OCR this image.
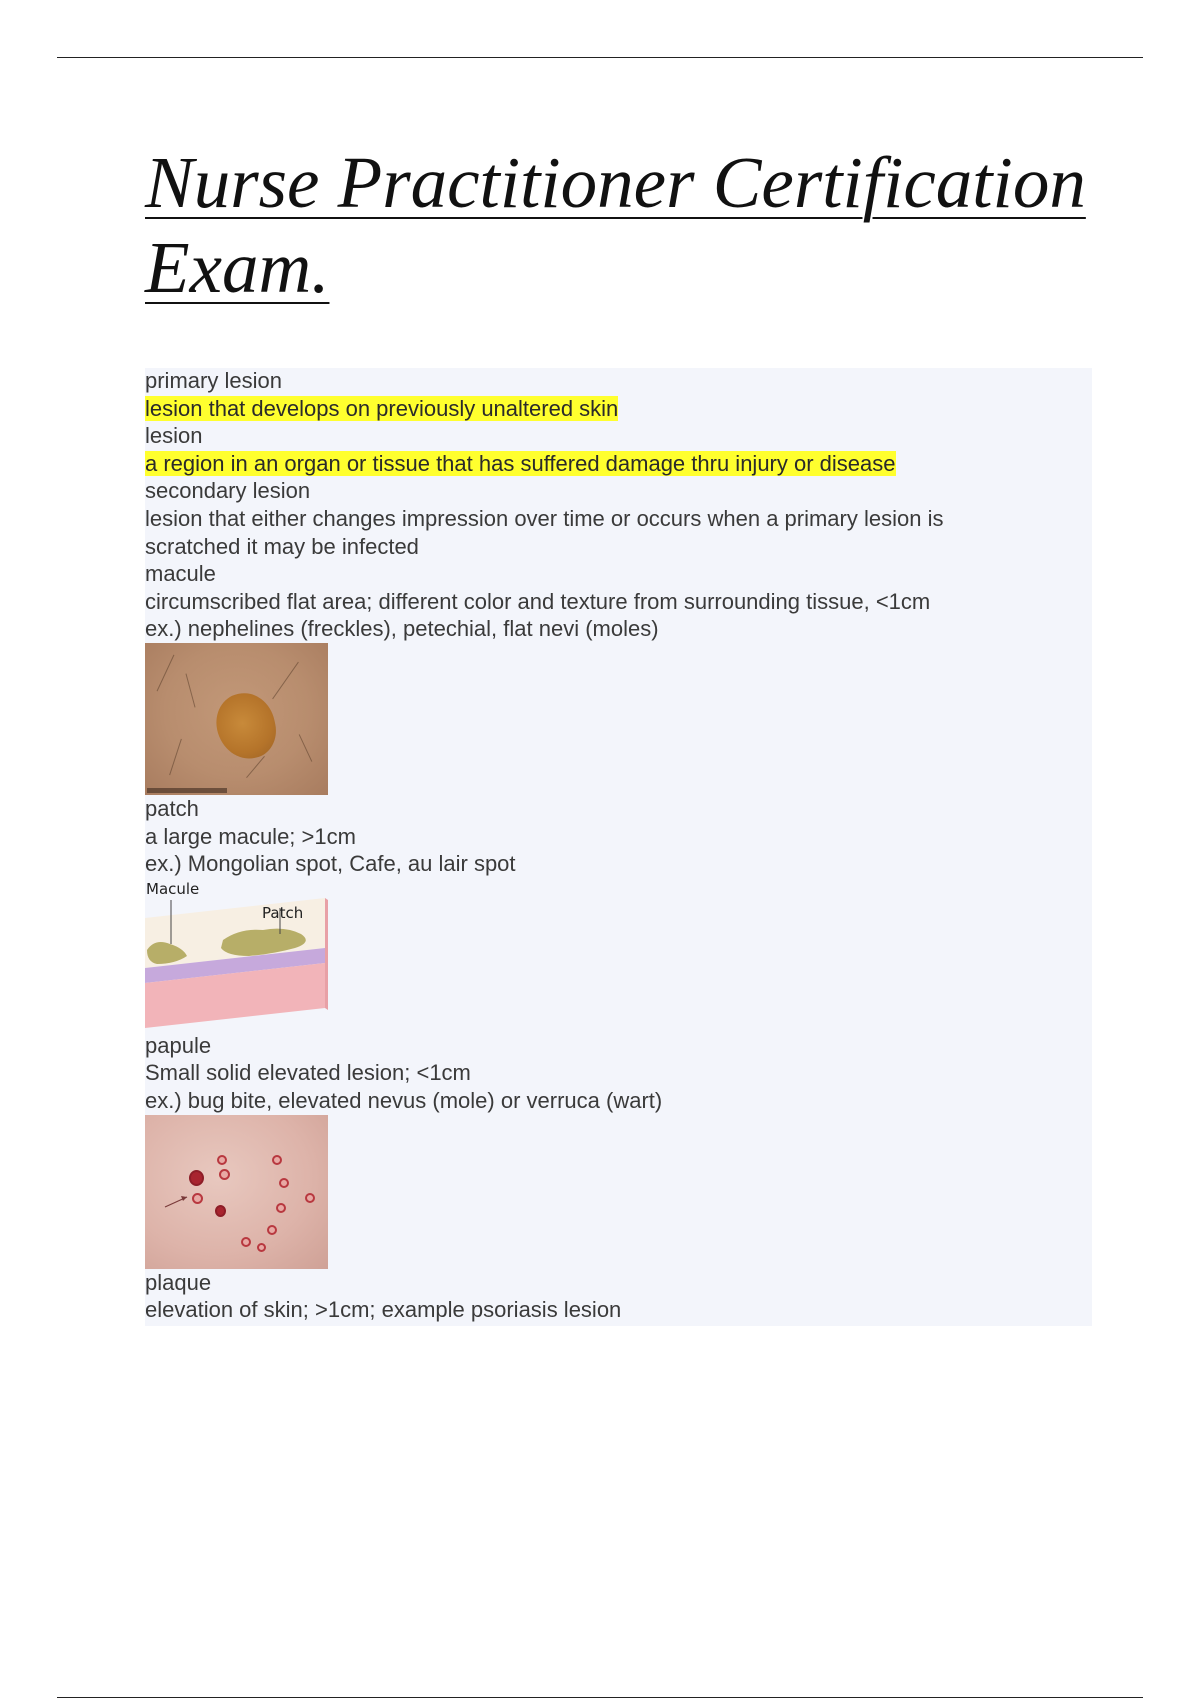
Nurse Practitioner Certification
Exam.
primary lesion
lesion that develops on previously unaltered skin
lesion
a region in an organ or tissue that has suffered damage thru injury or disease
secondary lesion
lesion that either changes impression over time or occurs when a primary lesion is scratched it may be infected
macule
circumscribed flat area; different color and texture from surrounding tissue, <1cm
ex.) nephelines (freckles), petechial, flat nevi (moles)
patch
a large macule; >1cm
ex.) Mongolian spot, Cafe, au lair spot
Macule
Patch
papule
Small solid elevated lesion; <1cm
ex.) bug bite, elevated nevus (mole) or verruca (wart)
plaque
elevation of skin; >1cm; example psoriasis lesion
